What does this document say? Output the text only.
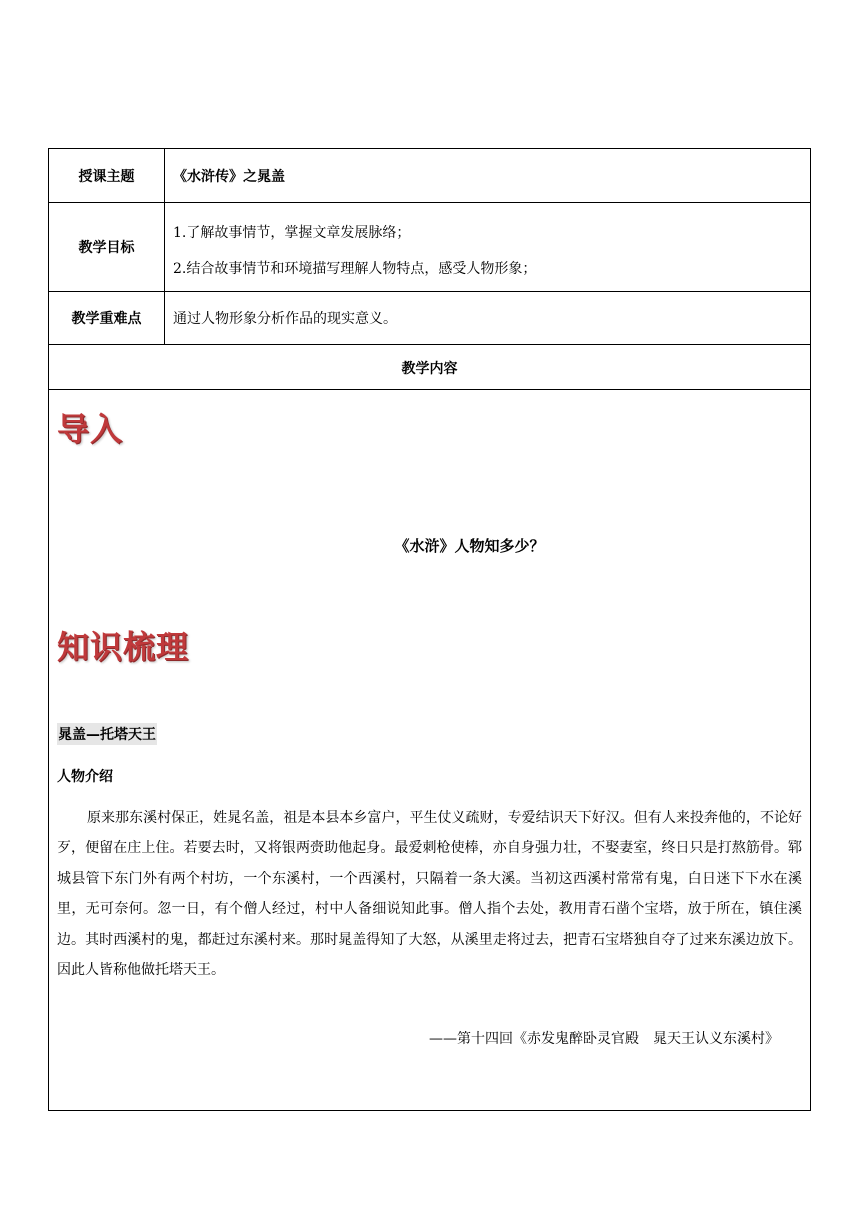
授课主题	《水浒传》之晁盖
教学目标
1.了解故事情节，掌握文章发展脉络；
2.结合故事情节和环境描写理解人物特点，感受人物形象；
教学重难点	通过人物形象分析作品的现实意义。
教学内容
导入
《水浒》人物知多少？
知识梳理
晁盖—托塔天王
人物介绍
原来那东溪村保正，姓晁名盖，祖是本县本乡富户，平生仗义疏财，专爱结识天下好汉。但有人来投奔他的，不论好歹，便留在庄上住。若要去时，又将银两赍助他起身。最爱刺枪使棒，亦自身强力壮，不娶妻室，终日只是打熬筋骨。郓城县管下东门外有两个村坊，一个东溪村，一个西溪村，只隔着一条大溪。当初这西溪村常常有鬼，白日迷下下水在溪里，无可奈何。忽一日，有个僧人经过，村中人备细说知此事。僧人指个去处，教用青石凿个宝塔，放于所在，镇住溪边。其时西溪村的鬼，都赶过东溪村来。那时晁盖得知了大怒，从溪里走将过去，把青石宝塔独自夺了过来东溪边放下。因此人皆称他做托塔天王。
——第十四回《赤发鬼醉卧灵官殿　晁天王认义东溪村》
